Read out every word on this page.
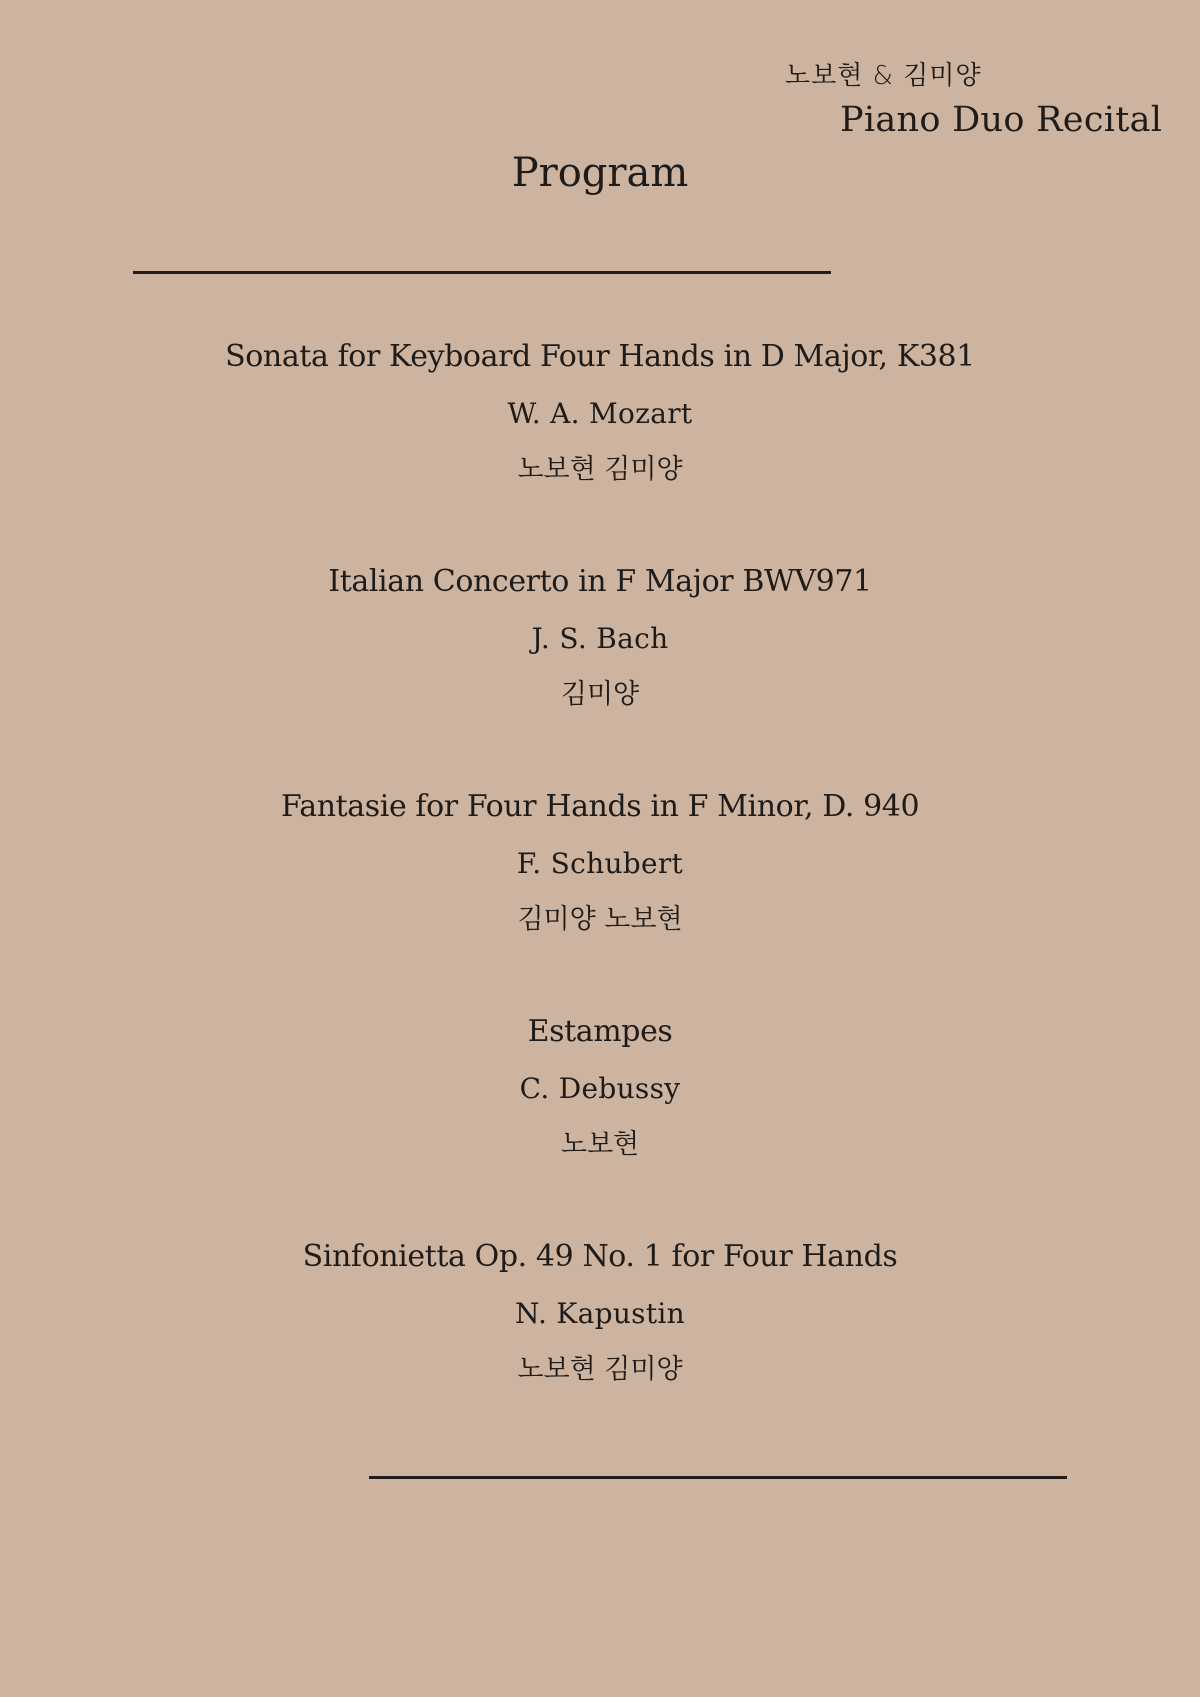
노보현 & 김미양
Piano Duo Recital
Program
Sonata for Keyboard Four Hands in D Major, K381
W. A. Mozart
노보현 김미양
Italian Concerto in F Major BWV971
J. S. Bach
김미양
Fantasie for Four Hands in F Minor, D. 940
F. Schubert
김미양 노보현
Estampes
C. Debussy
노보현
Sinfonietta Op. 49 No. 1 for Four Hands
N. Kapustin
노보현 김미양
